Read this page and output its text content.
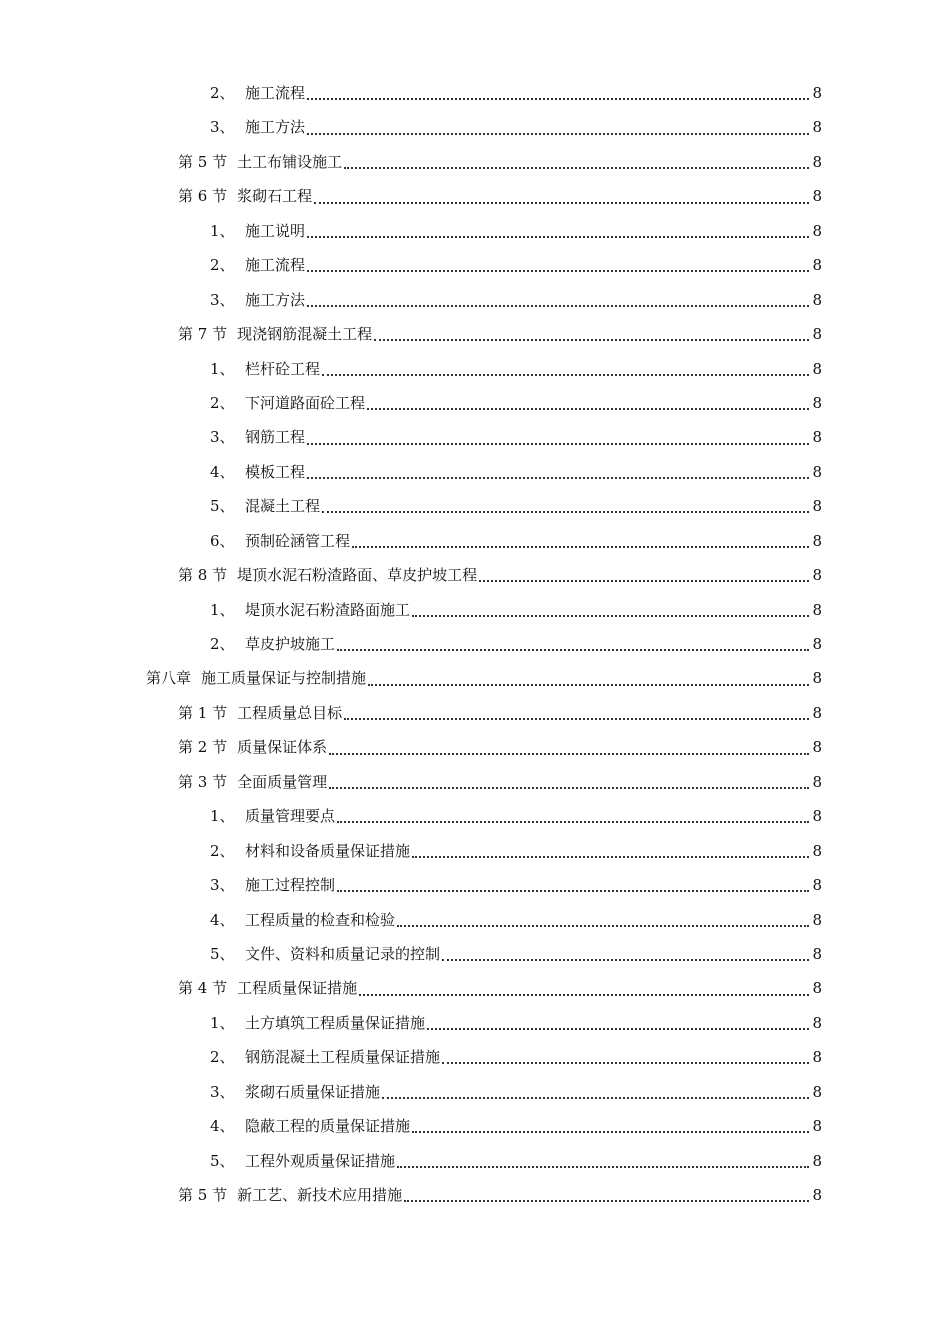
2、 施工流程	8
3、 施工方法	8
第 5 节 土工布铺设施工	8
第 6 节 浆砌石工程	8
1、 施工说明	8
2、 施工流程	8
3、 施工方法	8
第 7 节 现浇钢筋混凝土工程	8
1、 栏杆砼工程	8
2、 下河道路面砼工程	8
3、 钢筋工程	8
4、 模板工程	8
5、 混凝土工程	8
6、 预制砼涵管工程	8
第 8 节 堤顶水泥石粉渣路面、草皮护坡工程	8
1、 堤顶水泥石粉渣路面施工	8
2、 草皮护坡施工	8
第八章 施工质量保证与控制措施	8
第 1 节 工程质量总目标	8
第 2 节 质量保证体系	8
第 3 节 全面质量管理	8
1、 质量管理要点	8
2、 材料和设备质量保证措施	8
3、 施工过程控制	8
4、 工程质量的检查和检验	8
5、 文件、资料和质量记录的控制	8
第 4 节 工程质量保证措施	8
1、 土方填筑工程质量保证措施	8
2、 钢筋混凝土工程质量保证措施	8
3、 浆砌石质量保证措施	8
4、 隐蔽工程的质量保证措施	8
5、 工程外观质量保证措施	8
第 5 节 新工艺、新技术应用措施	8
